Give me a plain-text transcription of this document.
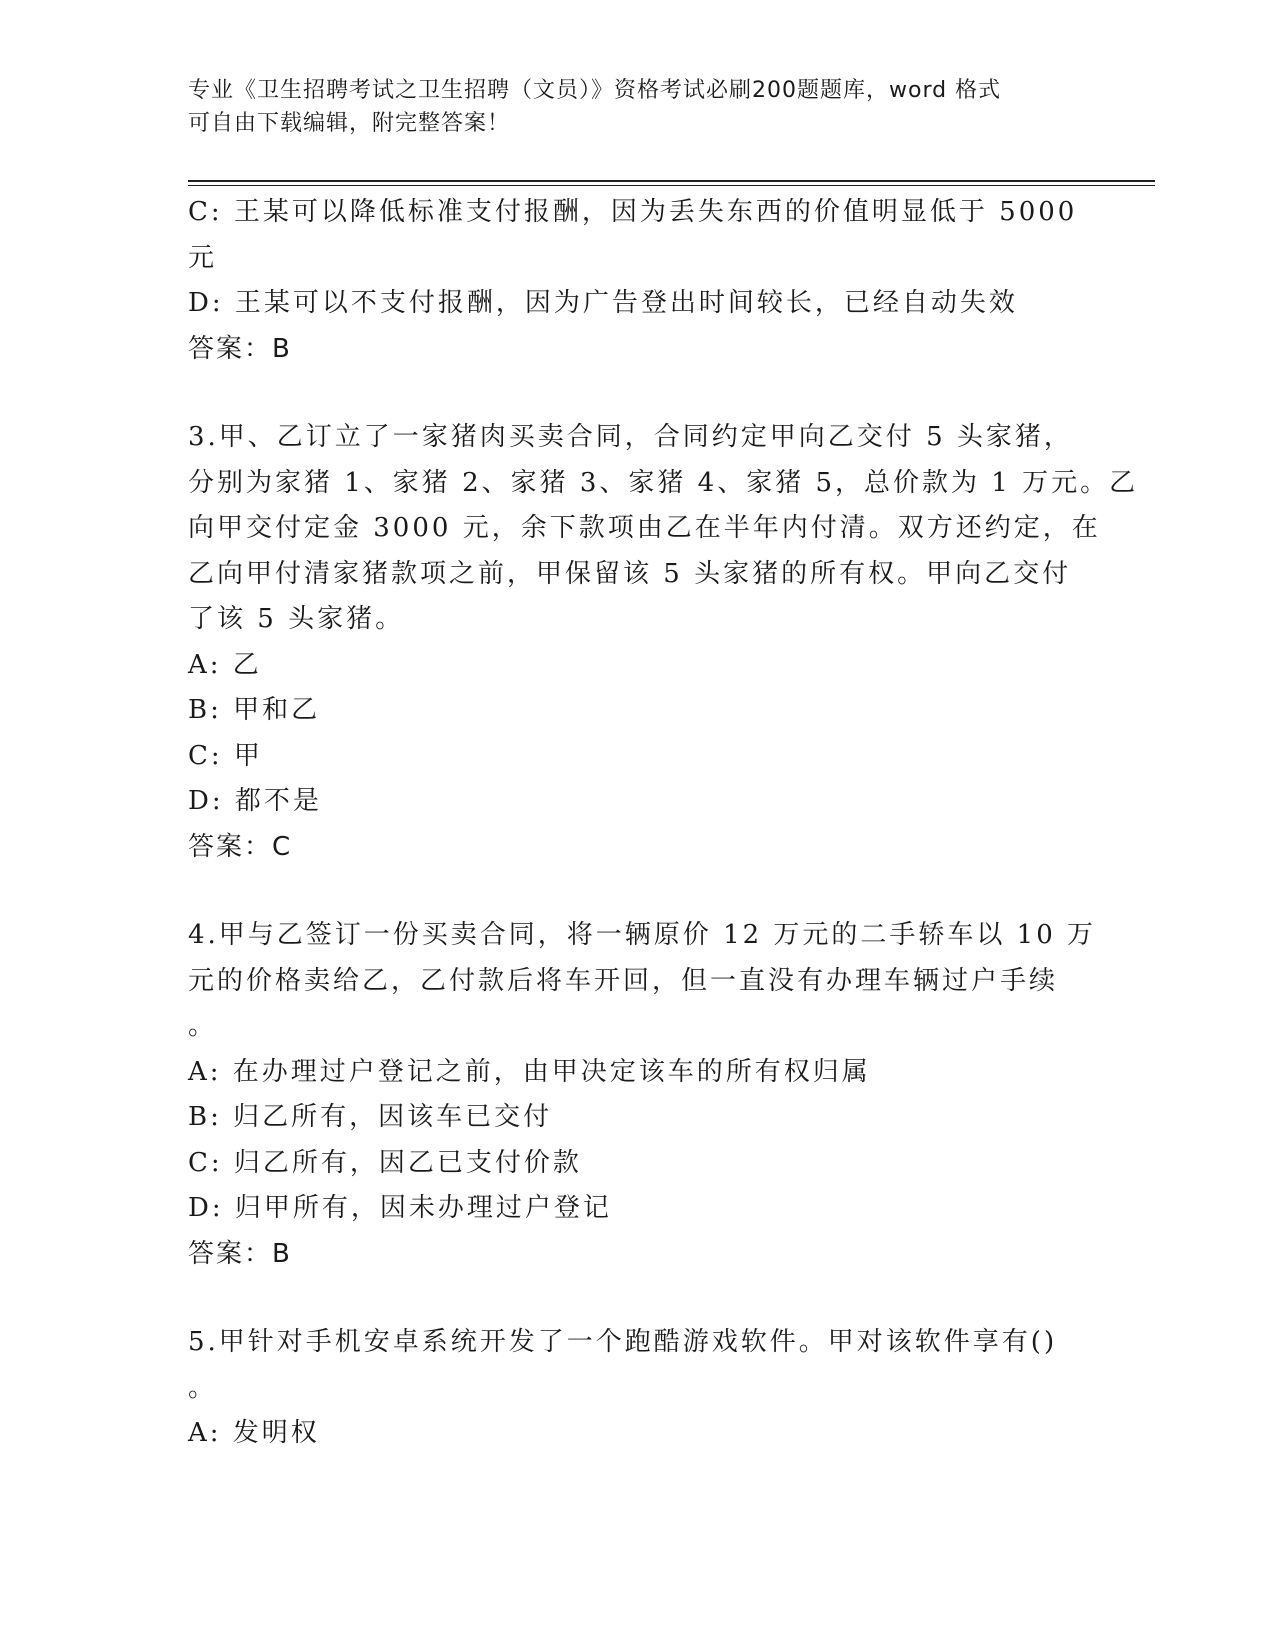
专业《卫生招聘考试之卫生招聘（文员）》资格考试必刷200题题库，word 格式
可自由下载编辑，附完整答案！
C: 王某可以降低标准支付报酬，因为丢失东西的价值明显低于 5000
元
D: 王某可以不支付报酬，因为广告登出时间较长，已经自动失效
答案：B
3.甲、乙订立了一家猪肉买卖合同，合同约定甲向乙交付 5 头家猪，
分别为家猪 1、家猪 2、家猪 3、家猪 4、家猪 5，总价款为 1 万元。乙
向甲交付定金 3000 元，余下款项由乙在半年内付清。双方还约定，在
乙向甲付清家猪款项之前，甲保留该 5 头家猪的所有权。甲向乙交付
了该 5 头家猪。
A: 乙
B: 甲和乙
C: 甲
D: 都不是
答案：C
4.甲与乙签订一份买卖合同，将一辆原价 12 万元的二手轿车以 10 万
元的价格卖给乙，乙付款后将车开回，但一直没有办理车辆过户手续
。
A: 在办理过户登记之前，由甲决定该车的所有权归属
B: 归乙所有，因该车已交付
C: 归乙所有，因乙已支付价款
D: 归甲所有，因未办理过户登记
答案：B
5.甲针对手机安卓系统开发了一个跑酷游戏软件。甲对该软件享有()
。
A: 发明权
